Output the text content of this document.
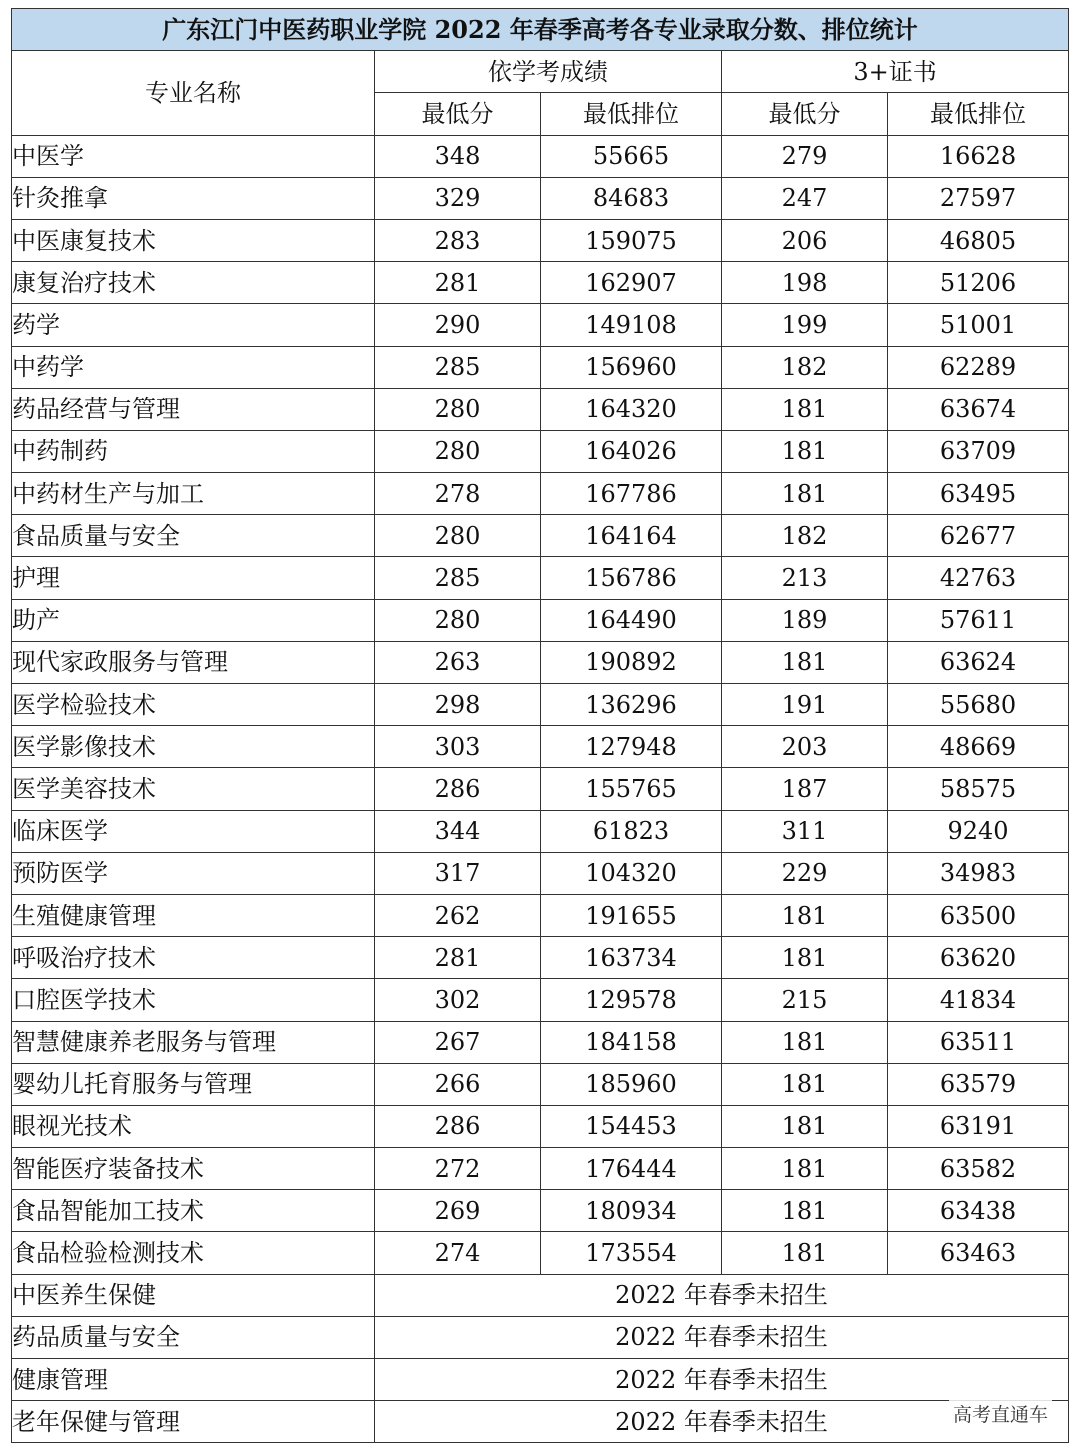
广东江门中医药职业学院 2022 年春季高考各专业录取分数、排位统计				
专业名称	依学考成绩		3+证书	
	最低分	最低排位	最低分	最低排位
中医学	348	55665	279	16628
针灸推拿	329	84683	247	27597
中医康复技术	283	159075	206	46805
康复治疗技术	281	162907	198	51206
药学	290	149108	199	51001
中药学	285	156960	182	62289
药品经营与管理	280	164320	181	63674
中药制药	280	164026	181	63709
中药材生产与加工	278	167786	181	63495
食品质量与安全	280	164164	182	62677
护理	285	156786	213	42763
助产	280	164490	189	57611
现代家政服务与管理	263	190892	181	63624
医学检验技术	298	136296	191	55680
医学影像技术	303	127948	203	48669
医学美容技术	286	155765	187	58575
临床医学	344	61823	311	9240
预防医学	317	104320	229	34983
生殖健康管理	262	191655	181	63500
呼吸治疗技术	281	163734	181	63620
口腔医学技术	302	129578	215	41834
智慧健康养老服务与管理	267	184158	181	63511
婴幼儿托育服务与管理	266	185960	181	63579
眼视光技术	286	154453	181	63191
智能医疗装备技术	272	176444	181	63582
食品智能加工技术	269	180934	181	63438
食品检验检测技术	274	173554	181	63463
中医养生保健	2022 年春季未招生			
药品质量与安全	2022 年春季未招生			
健康管理	2022 年春季未招生			
老年保健与管理	2022 年春季未招生				高考直通车
